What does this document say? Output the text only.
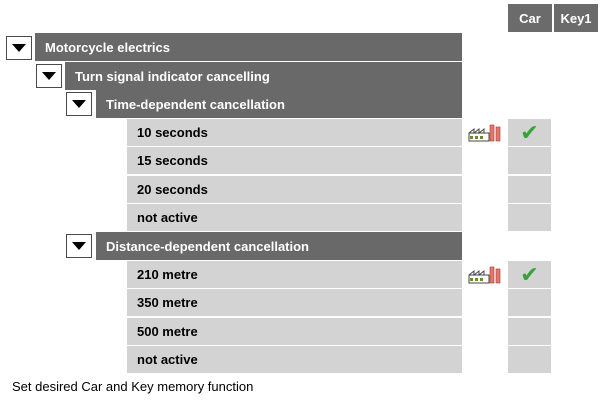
Car Key1
Motorcycle electrics
Turn signal indicator cancelling
Time-dependent cancellation
10 seconds
15 seconds
20 seconds
not active
✔
Distance-dependent cancellation
210 metre
350 metre
500 metre
not active
✔
Set desired Car and Key memory function
